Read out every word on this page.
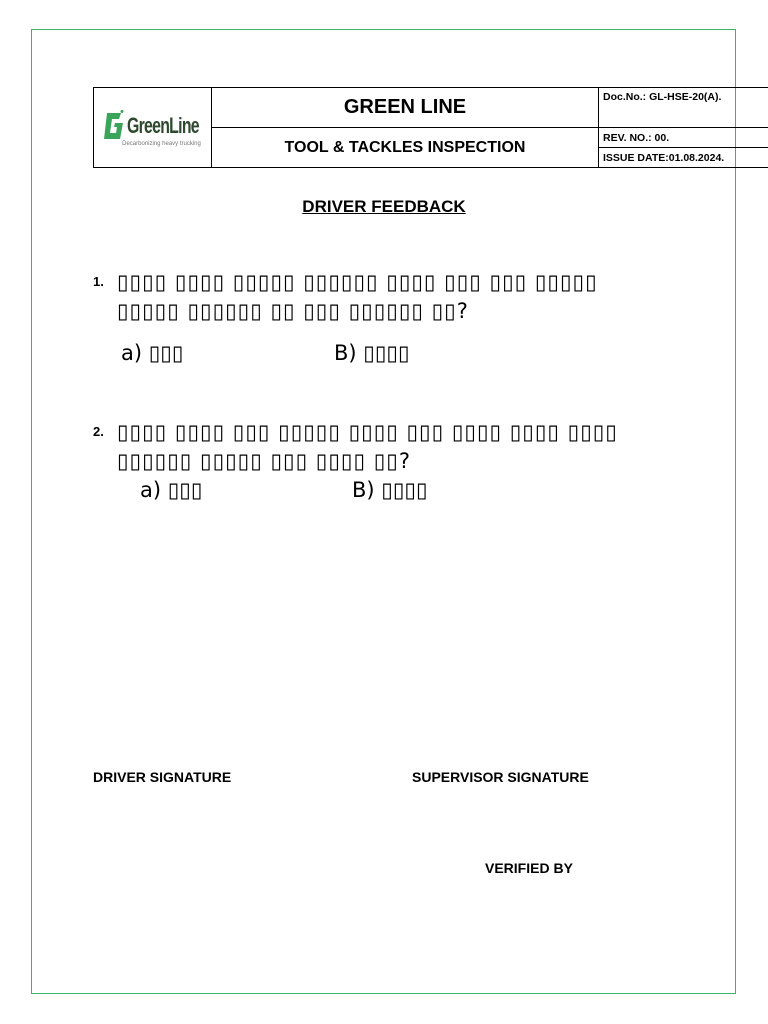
GreenLine
Decarbonizing heavy trucking	GREEN LINE	Doc.No.: GL-HSE-20(A).
	TOOL & TACKLES INSPECTION	REV. NO.: 00.
		ISSUE DATE:01.08.2024.
DRIVER FEEDBACK
1. ▯▯▯▯ ▯▯▯▯ ▯▯▯▯▯ ▯▯▯▯▯▯ ▯▯▯▯ ▯▯▯ ▯▯▯ ▯▯▯▯▯
▯▯▯▯▯ ▯▯▯▯▯▯ ▯▯ ▯▯▯ ▯▯▯▯▯▯ ▯▯?
a) ▯▯▯	B) ▯▯▯▯
2. ▯▯▯▯ ▯▯▯▯ ▯▯▯ ▯▯▯▯▯ ▯▯▯▯ ▯▯▯ ▯▯▯▯ ▯▯▯▯ ▯▯▯▯
▯▯▯▯▯▯ ▯▯▯▯▯ ▯▯▯ ▯▯▯▯ ▯▯?
a) ▯▯▯	B) ▯▯▯▯
DRIVER SIGNATURE	SUPERVISOR SIGNATURE
VERIFIED BY
